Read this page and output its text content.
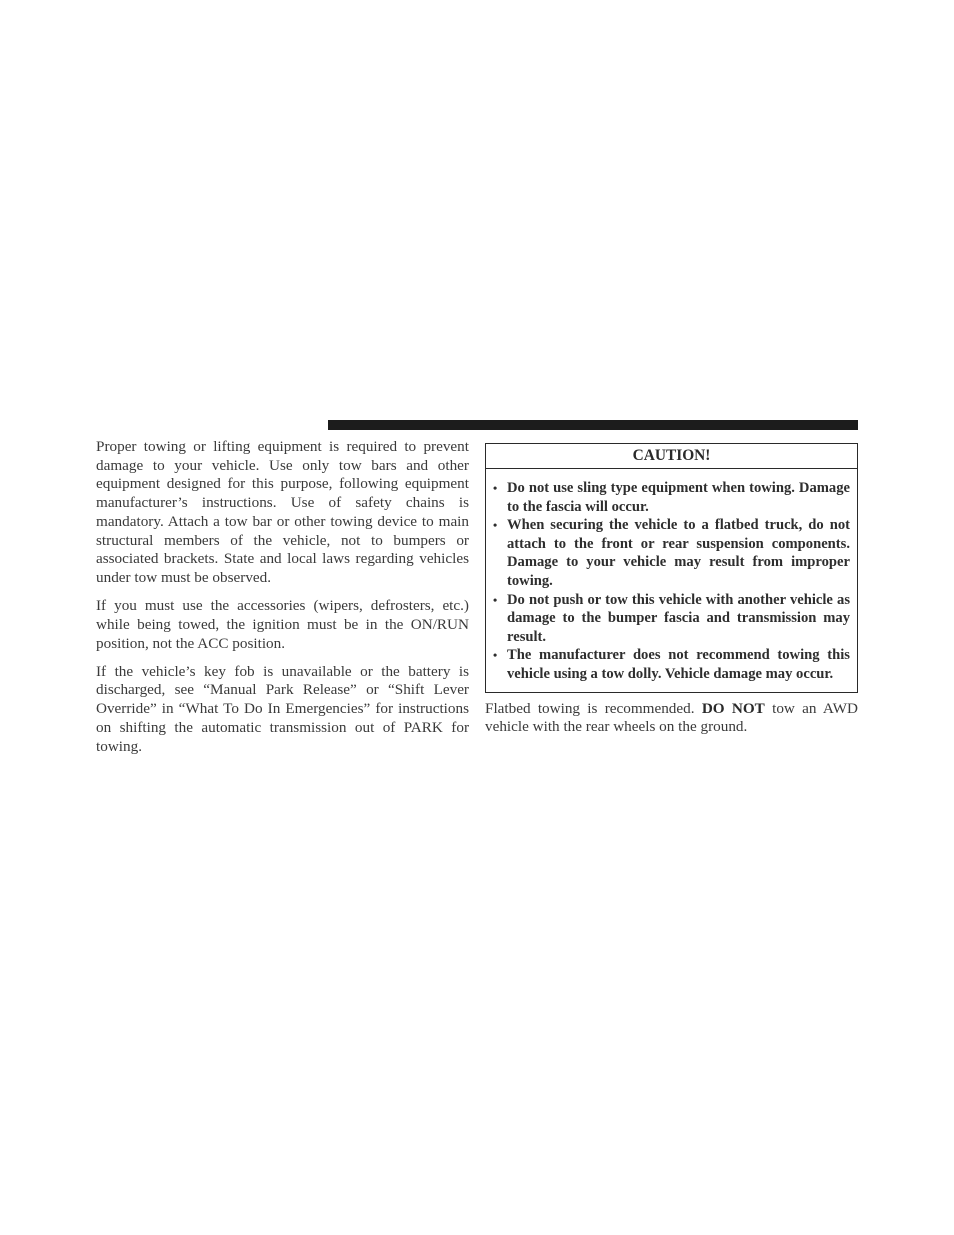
Proper towing or lifting equipment is required to prevent damage to your vehicle. Use only tow bars and other equipment designed for this purpose, following equipment manufacturer’s instructions. Use of safety chains is mandatory. Attach a tow bar or other towing device to main structural members of the vehicle, not to bumpers or associated brackets. State and local laws regarding vehicles under tow must be observed.

If you must use the accessories (wipers, defrosters, etc.) while being towed, the ignition must be in the ON/RUN position, not the ACC position.

If the vehicle’s key fob is unavailable or the battery is discharged, see “Manual Park Release” or “Shift Lever Override” in “What To Do In Emergencies” for instructions on shifting the automatic transmission out of PARK for towing.

CAUTION!
• Do not use sling type equipment when towing. Damage to the fascia will occur.
• When securing the vehicle to a flatbed truck, do not attach to the front or rear suspension components. Damage to your vehicle may result from improper towing.
• Do not push or tow this vehicle with another vehicle as damage to the bumper fascia and transmission may result.
• The manufacturer does not recommend towing this vehicle using a tow dolly. Vehicle damage may occur.

Flatbed towing is recommended. DO NOT tow an AWD vehicle with the rear wheels on the ground.
